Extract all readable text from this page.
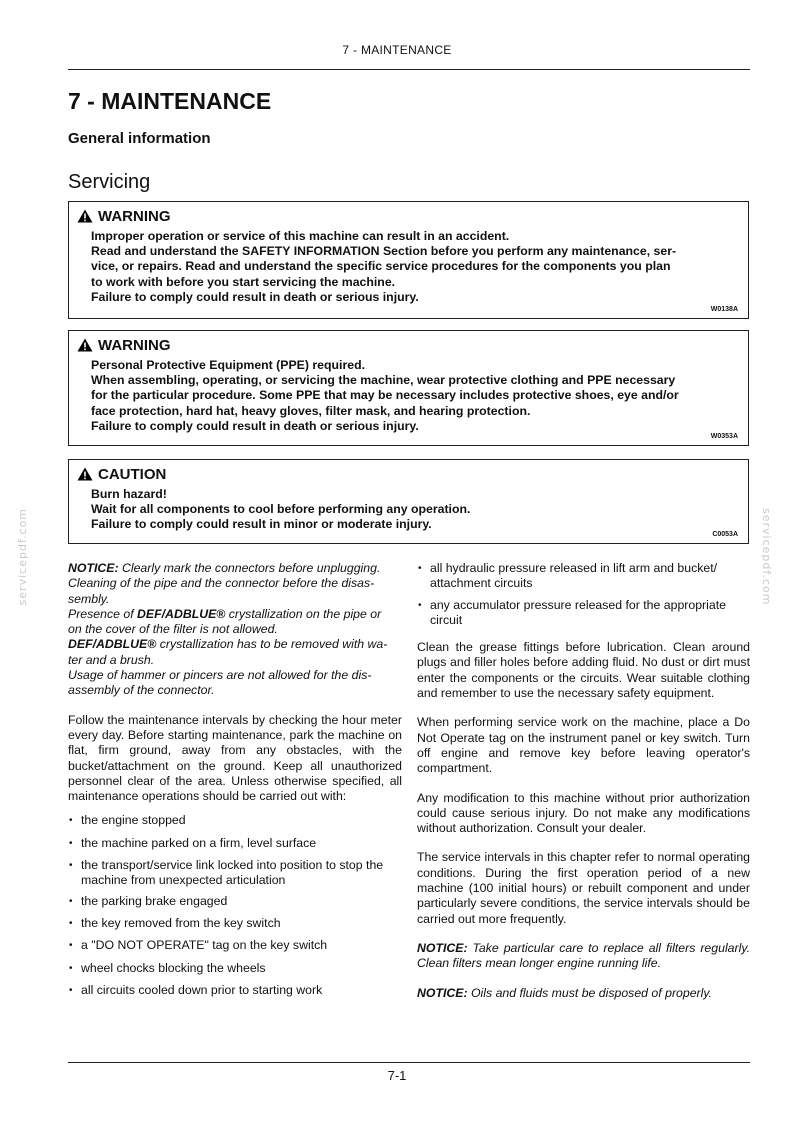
7 - MAINTENANCE
7 - MAINTENANCE
General information
Servicing
WARNING
Improper operation or service of this machine can result in an accident.
Read and understand the SAFETY INFORMATION Section before you perform any maintenance, ser-
vice, or repairs. Read and understand the specific service procedures for the components you plan
to work with before you start servicing the machine.
Failure to comply could result in death or serious injury.
W0138A
WARNING
Personal Protective Equipment (PPE) required.
When assembling, operating, or servicing the machine, wear protective clothing and PPE necessary
for the particular procedure. Some PPE that may be necessary includes protective shoes, eye and/or
face protection, hard hat, heavy gloves, filter mask, and hearing protection.
Failure to comply could result in death or serious injury.
W0353A
CAUTION
Burn hazard!
Wait for all components to cool before performing any operation.
Failure to comply could result in minor or moderate injury.
C0053A
NOTICE: Clearly mark the connectors before unplugging.
Cleaning of the pipe and the connector before the disas-
sembly.
Presence of DEF/ADBLUE® crystallization on the pipe or
on the cover of the filter is not allowed.
DEF/ADBLUE® crystallization has to be removed with wa-
ter and a brush.
Usage of hammer or pincers are not allowed for the dis-
assembly of the connector.

Follow the maintenance intervals by checking the hour meter every day. Before starting maintenance, park the machine on flat, firm ground, away from any obstacles, with the bucket/attachment on the ground. Keep all unauthorized personnel clear of the area. Unless otherwise specified, all maintenance operations should be carried out with:

• the engine stopped
• the machine parked on a firm, level surface
• the transport/service link locked into position to stop the machine from unexpected articulation
• the parking brake engaged
• the key removed from the key switch
• a "DO NOT OPERATE" tag on the key switch
• wheel chocks blocking the wheels
• all circuits cooled down prior to starting work
• all hydraulic pressure released in lift arm and bucket/ attachment circuits
• any accumulator pressure released for the appropriate circuit

Clean the grease fittings before lubrication. Clean around plugs and filler holes before adding fluid. No dust or dirt must enter the components or the circuits. Wear suitable clothing and remember to use the necessary safety equipment.

When performing service work on the machine, place a Do Not Operate tag on the instrument panel or key switch. Turn off engine and remove key before leaving operator's compartment.

Any modification to this machine without prior authorization could cause serious injury. Do not make any modifications without authorization. Consult your dealer.

The service intervals in this chapter refer to normal operating conditions. During the first operation period of a new machine (100 initial hours) or rebuilt component and under particularly severe conditions, the service intervals should be carried out more frequently.

NOTICE: Take particular care to replace all filters regularly. Clean filters mean longer engine running life.

NOTICE: Oils and fluids must be disposed of properly.

servicepdf.com	servicepdf.com
7-1
